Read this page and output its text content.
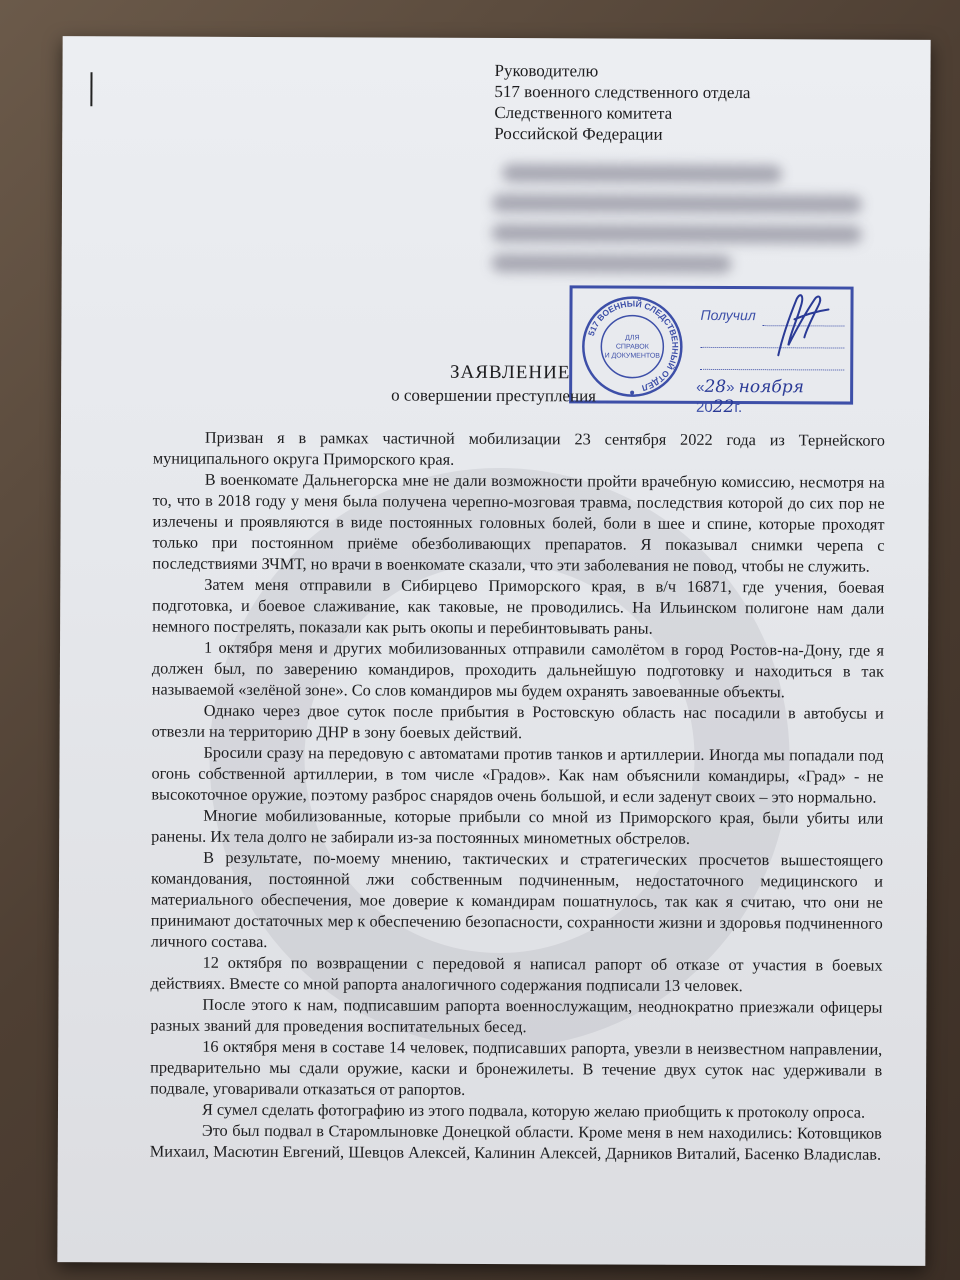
Руководителю
517 военного следственного отдела
Следственного комитета
Российской Федерации
517 ВОЕННЫЙ СЛЕДСТВЕННЫЙ ОТДЕЛ
ДЛЯ
СПРАВОК
И ДОКУМЕНТОВ
Получил
«28» ноября 2022г.
ЗАЯВЛЕНИЕ
о совершении преступления

Призван я в рамках частичной мобилизации 23 сентября 2022 года из Тернейского муниципального округа Приморского края.

В военкомате Дальнегорска мне не дали возможности пройти врачебную комиссию, несмотря на то, что в 2018 году у меня была получена черепно-мозговая травма, последствия которой до сих пор не излечены и проявляются в виде постоянных головных болей, боли в шее и спине, которые проходят только при постоянном приёме обезболивающих препаратов. Я показывал снимки черепа с последствиями ЗЧМТ, но врачи в военкомате сказали, что эти заболевания не повод, чтобы не служить.

Затем меня отправили в Сибирцево Приморского края, в в/ч 16871, где учения, боевая подготовка, и боевое слаживание, как таковые, не проводились. На Ильинском полигоне нам дали немного пострелять, показали как рыть окопы и перебинтовывать раны.

1 октября меня и других мобилизованных отправили самолётом в город Ростов-на-Дону, где я должен был, по заверению командиров, проходить дальнейшую подготовку и находиться в так называемой «зелёной зоне». Со слов командиров мы будем охранять завоеванные объекты.

Однако через двое суток после прибытия в Ростовскую область нас посадили в автобусы и отвезли на территорию ДНР в зону боевых действий.

Бросили сразу на передовую с автоматами против танков и артиллерии. Иногда мы попадали под огонь собственной артиллерии, в том числе «Градов». Как нам объяснили командиры, «Град» - не высокоточное оружие, поэтому разброс снарядов очень большой, и если заденут своих – это нормально.

Многие мобилизованные, которые прибыли со мной из Приморского края, были убиты или ранены. Их тела долго не забирали из-за постоянных минометных обстрелов.

В результате, по-моему мнению, тактических и стратегических просчетов вышестоящего командования, постоянной лжи собственным подчиненным, недостаточного медицинского и материального обеспечения, мое доверие к командирам пошатнулось, так как я считаю, что они не принимают достаточных мер к обеспечению безопасности, сохранности жизни и здоровья подчиненного личного состава.

12 октября по возвращении с передовой я написал рапорт об отказе от участия в боевых действиях. Вместе со мной рапорта аналогичного содержания подписали 13 человек.

После этого к нам, подписавшим рапорта военнослужащим, неоднократно приезжали офицеры разных званий для проведения воспитательных бесед.

16 октября меня в составе 14 человек, подписавших рапорта, увезли в неизвестном направлении, предварительно мы сдали оружие, каски и бронежилеты. В течение двух суток нас удерживали в подвале, уговаривали отказаться от рапортов.

Я сумел сделать фотографию из этого подвала, которую желаю приобщить к протоколу опроса.

Это был подвал в Старомлыновке Донецкой области. Кроме меня в нем находились: Котовщиков Михаил, Масютин Евгений, Шевцов Алексей, Калинин Алексей, Дарников Виталий, Басенко Владислав.
